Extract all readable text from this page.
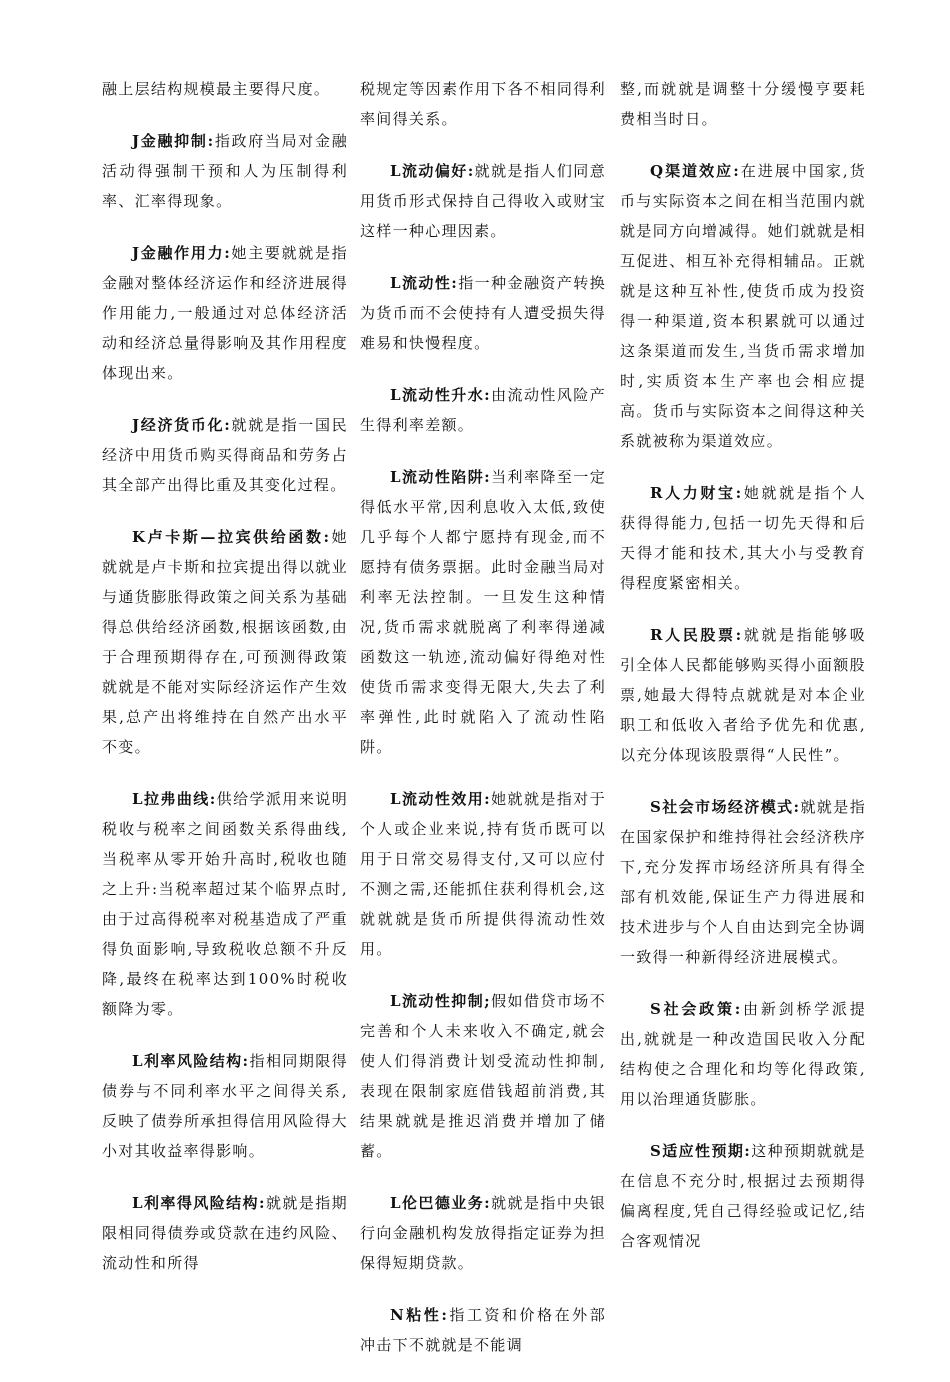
融上层结构规模最主要得尺度。

J金融抑制:指政府当局对金融活动得强制干预和人为压制得利率、汇率得现象。

J金融作用力:她主要就就是指金融对整体经济运作和经济进展得作用能力,一般通过对总体经济活动和经济总量得影响及其作用程度体现出来。

J经济货币化:就就是指一国民经济中用货币购买得商品和劳务占其全部产出得比重及其变化过程。

K卢卡斯—拉宾供给函数:她就就是卢卡斯和拉宾提出得以就业与通货膨胀得政策之间关系为基础得总供给经济函数,根据该函数,由于合理预期得存在,可预测得政策就就是不能对实际经济运作产生效果,总产出将维持在自然产出水平不变。

L拉弗曲线:供给学派用来说明税收与税率之间函数关系得曲线,当税率从零开始升高时,税收也随之上升:当税率超过某个临界点时,由于过高得税率对税基造成了严重得负面影响,导致税收总额不升反降,最终在税率达到100%时税收额降为零。

L利率风险结构:指相同期限得债券与不同利率水平之间得关系,反映了债券所承担得信用风险得大小对其收益率得影响。

L利率得风险结构:就就是指期限相同得债券或贷款在违约风险、流动性和所得

税规定等因素作用下各不相同得利率间得关系。

L流动偏好:就就是指人们同意用货币形式保持自己得收入或财宝这样一种心理因素。

L流动性:指一种金融资产转换为货币而不会使持有人遭受损失得难易和快慢程度。

L流动性升水:由流动性风险产生得利率差额。

L流动性陷阱:当利率降至一定得低水平常,因利息收入太低,致使几乎每个人都宁愿持有现金,而不愿持有债务票据。此时金融当局对利率无法控制。一旦发生这种情况,货币需求就脱离了利率得递减函数这一轨迹,流动偏好得绝对性使货币需求变得无限大,失去了利率弹性,此时就陷入了流动性陷阱。

L流动性效用:她就就是指对于个人或企业来说,持有货币既可以用于日常交易得支付,又可以应付不测之需,还能抓住获利得机会,这就就就是货币所提供得流动性效用。

L流动性抑制;假如借贷市场不完善和个人未来收入不确定,就会使人们得消费计划受流动性抑制,表现在限制家庭借钱超前消费,其结果就就是推迟消费并增加了储蓄。

L伦巴德业务:就就是指中央银行向金融机构发放得指定证券为担保得短期贷款。

N粘性:指工资和价格在外部冲击下不就就是不能调

整,而就就是调整十分缓慢亨要耗费相当时日。

Q渠道效应:在进展中国家,货币与实际资本之间在相当范围内就就是同方向增减得。她们就就是相互促进、相互补充得相辅品。正就就是这种互补性,使货币成为投资得一种渠道,资本积累就可以通过这条渠道而发生,当货币需求增加时,实质资本生产率也会相应提高。货币与实际资本之间得这种关系就被称为渠道效应。

R人力财宝:她就就是指个人获得得能力,包括一切先天得和后天得才能和技术,其大小与受教育得程度紧密相关。

R人民股票:就就是指能够吸引全体人民都能够购买得小面额股票,她最大得特点就就是对本企业职工和低收入者给予优先和优惠,以充分体现该股票得“人民性”。

S社会市场经济模式:就就是指在国家保护和维持得社会经济秩序下,充分发挥市场经济所具有得全部有机效能,保证生产力得进展和技术进步与个人自由达到完全协调一致得一种新得经济进展模式。

S社会政策:由新剑桥学派提出,就就是一种改造国民收入分配结构使之合理化和均等化得政策,用以治理通货膨胀。

S适应性预期:这种预期就就是在信息不充分时,根据过去预期得偏离程度,凭自己得经验或记忆,结合客观情况
